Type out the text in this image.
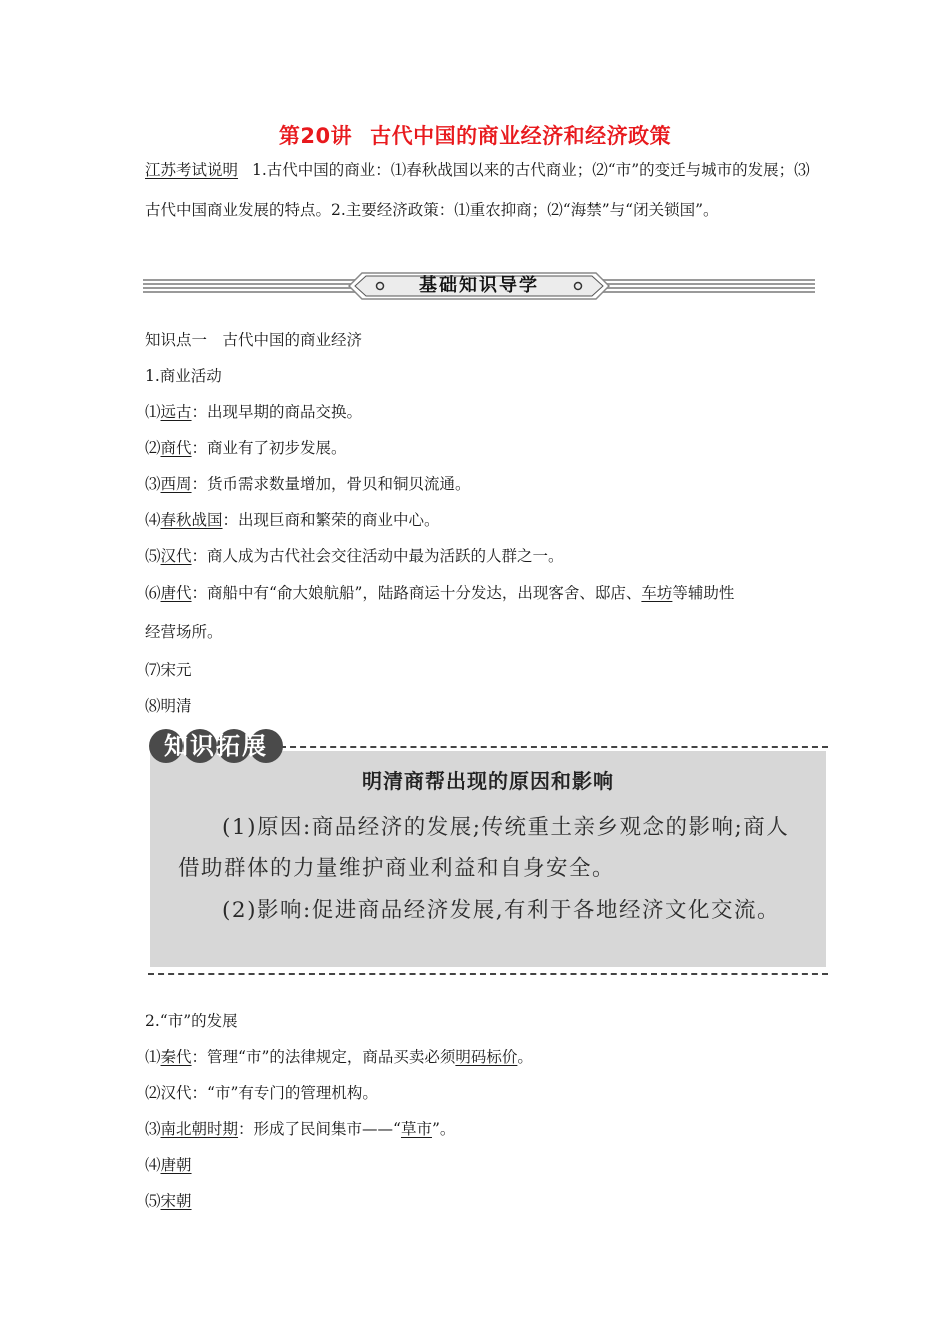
第20讲 古代中国的商业经济和经济政策
江苏考试说明 1.古代中国的商业：⑴春秋战国以来的古代商业；⑵“市”的变迁与城市的发展；⑶古代中国商业发展的特点。2.主要经济政策：⑴重农抑商；⑵“海禁”与“闭关锁国”。
基础知识导学
知识点一　古代中国的商业经济
1.商业活动
⑴远古：出现早期的商品交换。
⑵商代：商业有了初步发展。
⑶西周：货币需求数量增加，骨贝和铜贝流通。
⑷春秋战国：出现巨商和繁荣的商业中心。
⑸汉代：商人成为古代社会交往活动中最为活跃的人群之一。
⑹唐代：商船中有“俞大娘航船”，陆路商运十分发达，出现客舍、邸店、车坊等辅助性
经营场所。
⑺宋元
⑻明清
知识拓展
明清商帮出现的原因和影响
(1)原因:商品经济的发展;传统重土亲乡观念的影响;商人借助群体的力量维护商业利益和自身安全。
(2)影响:促进商品经济发展,有利于各地经济文化交流。
2.“市”的发展
⑴秦代：管理“市”的法律规定，商品买卖必须明码标价。
⑵汉代：“市”有专门的管理机构。
⑶南北朝时期：形成了民间集市——“草市”。
⑷唐朝
⑸宋朝
